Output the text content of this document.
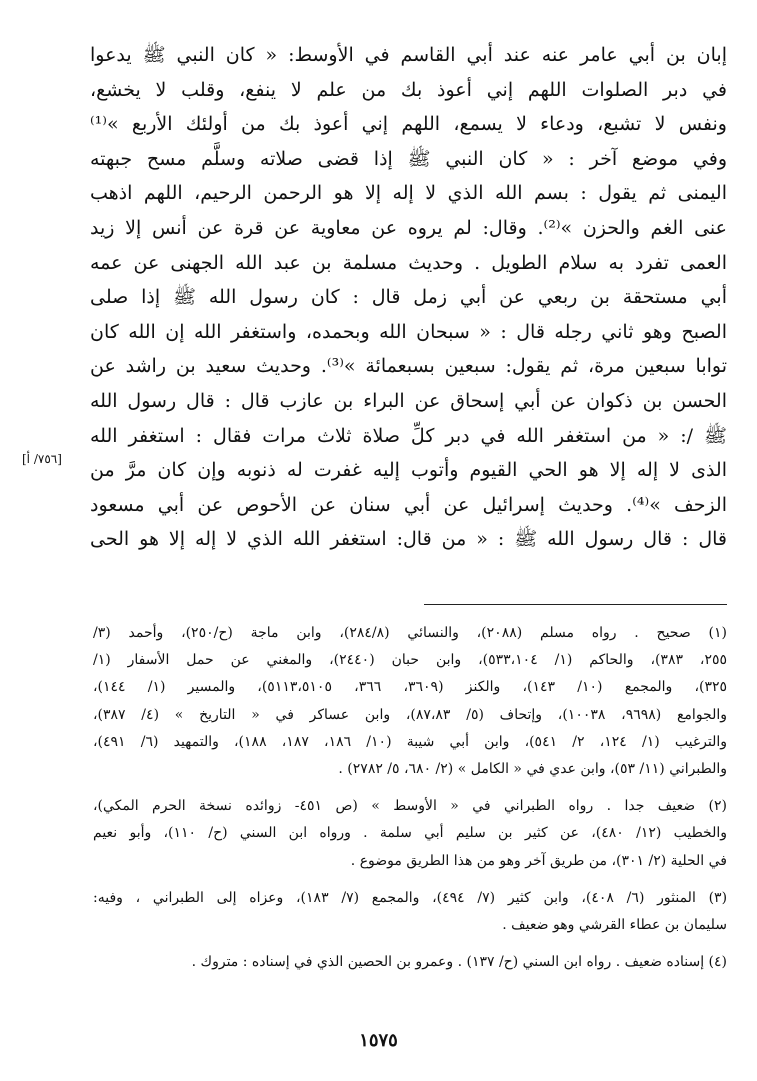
إبان بن أبي عامر عنه عند أبي القاسم في الأوسط: « كان النبي ﷺ يدعوا
في دبر الصلوات اللهم إني أعوذ بك من علم لا ينفع، وقلب لا يخشع،
ونفس لا تشبع، ودعاء لا يسمع، اللهم إني أعوذ بك من أولئك الأربع »⁽¹⁾
وفي موضع آخر : « كان النبي ﷺ إذا قضى صلاته وسلَّم مسح جبهته
اليمنى ثم يقول : بسم الله الذي لا إله إلا هو الرحمن الرحيم، اللهم اذهب
عنى الغم والحزن »⁽²⁾. وقال: لم يروه عن معاوية عن قرة عن أنس إلا زيد
العمى تفرد به سلام الطويل . وحديث مسلمة بن عبد الله الجهنى عن عمه
أبي مستحقة بن ربعي عن أبي زمل قال : كان رسول الله ﷺ إذا صلى
الصبح وهو ثاني رجله قال : « سبحان الله وبحمده، واستغفر الله إن الله كان
توابا سبعين مرة، ثم يقول: سبعين بسبعمائة »⁽³⁾. وحديث سعيد بن راشد عن
الحسن بن ذكوان عن أبي إسحاق عن البراء بن عازب قال : قال رسول الله
ﷺ /: « من استغفر الله في دبر كلِّ صلاة ثلاث مرات فقال : استغفر الله
الذى لا إله إلا هو الحي القيوم وأتوب إليه غفرت له ذنوبه وإن كان مرَّ من
الزحف »⁽⁴⁾. وحديث إسرائيل عن أبي سنان عن الأحوص عن أبي مسعود
قال : قال رسول الله ﷺ : « من قال: استغفر الله الذي لا إله إلا هو الحى
[٧٥٦/ أ]
(١) صحيح . رواه مسلم (٢٠٨٨)، والنسائي (٢٨٤/٨)، وابن ماجة (ح/٢٥٠)، وأحمد (٣/
٢٥٥، ٣٨٣)، والحاكم (١/ ٥٣٣،١٠٤)، وابن حبان (٢٤٤٠)، والمغني عن حمل الأسفار (١/
٣٢٥)، والمجمع (١٠/ ١٤٣)، والكنز (٣٦٠٩، ٣٦٦، ٥١١٣،٥١٠٥)، والمسير (١/ ١٤٤)،
والجوامع (٩٦٩٨، ١٠٠٣٨)، وإتحاف (٥/ ٨٧،٨٣)، وابن عساكر في « التاريخ » (٤/ ٣٨٧)،
والترغيب (١/ ١٢٤، ٢/ ٥٤١)، وابن أبي شيبة (١٠/ ١٨٦، ١٨٧، ١٨٨)، والتمهيد (٦/ ٤٩١)،
والطبراني (١١/ ٥٣)، وابن عدي في « الكامل » (٢/ ٦٨٠، ٥/ ٢٧٨٢) .
(٢) ضعيف جدا . رواه الطبراني في « الأوسط » (ص ٤٥١- زوائده نسخة الحرم المكي)،
والخطيب (١٢/ ٤٨٠)، عن كثير بن سليم أبي سلمة . ورواه ابن السني (ح/ ١١٠)، وأبو نعيم
في الحلية (٢/ ٣٠١)، من طريق آخر وهو من هذا الطريق موضوع .
(٣) المنثور (٦/ ٤٠٨)، وابن كثير (٧/ ٤٩٤)، والمجمع (٧/ ١٨٣)، وعزاه إلى الطبراني ، وفيه:
سليمان بن عطاء القرشي وهو ضعيف .
(٤) إسناده ضعيف . رواه ابن السني (ح/ ١٣٧) . وعمرو بن الحصين الذي في إسناده : متروك .
١٥٧٥
